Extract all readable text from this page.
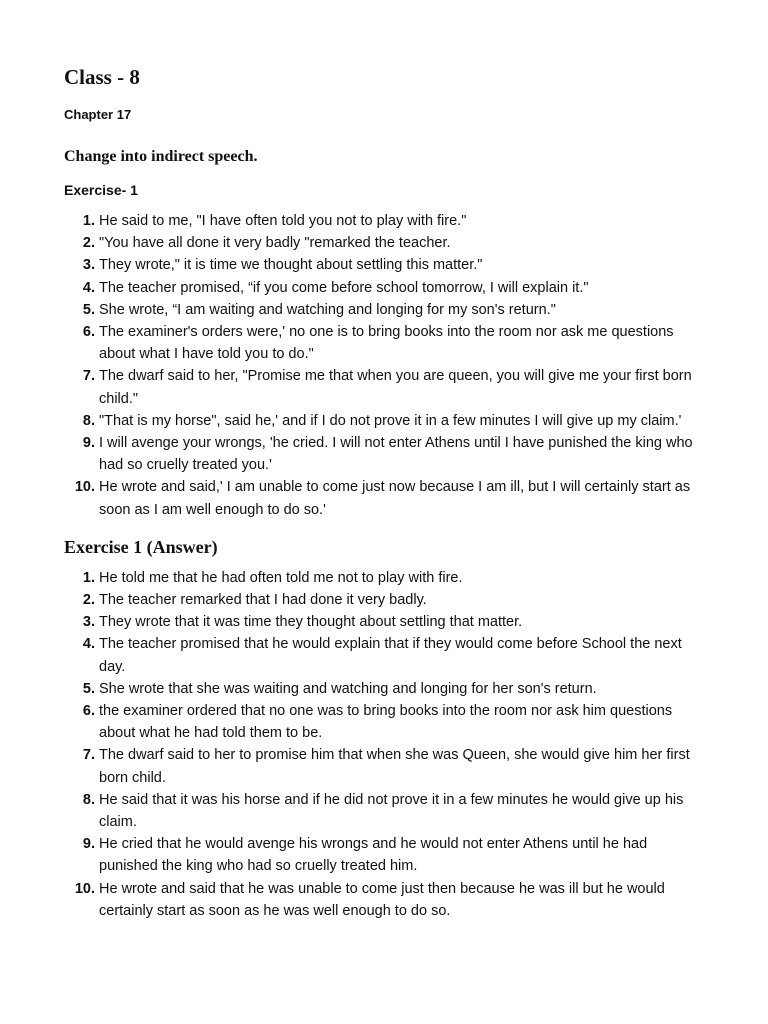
Class - 8
Chapter 17
Change into indirect speech.
Exercise- 1
1. He said to me, "I have often told you not to play with fire."
2. "You have all done it very badly "remarked the teacher.
3. They wrote," it is time we thought about settling this matter."
4. The teacher promised, “if you come before school tomorrow, I will explain it."
5. She wrote, “I am waiting and watching and longing for my son's return."
6. The examiner's orders were,' no one is to bring books into the room nor ask me questions about what I have told you to do."
7. The dwarf said to her, "Promise me that when you are queen, you will give me your first born child."
8. "That is my horse", said he,' and if I do not prove it in a few minutes I will give up my claim.'
9. I will avenge your wrongs, 'he cried. I will not enter Athens until I have punished the king who had so cruelly treated you.'
10. He wrote and said,' I am unable to come just now because I am ill, but I will certainly start as soon as I am well enough to do so.'
Exercise 1 (Answer)
1. He told me that he had often told me not to play with fire.
2. The teacher remarked that I had done it very badly.
3. They wrote that it was time they thought about settling that matter.
4. The teacher promised that he would explain that if they would come before School the next day.
5. She wrote that she was waiting and watching and longing for her son's return.
6. the examiner ordered that no one was to bring books into the room nor ask him questions about what he had told them to be.
7. The dwarf said to her to promise him that when she was Queen, she would give him her first born child.
8. He said that it was his horse and if he did not prove it in a few minutes he would give up his claim.
9. He cried that he would avenge his wrongs and he would not enter Athens until he had punished the king who had so cruelly treated him.
10. He wrote and said that he was unable to come just then because he was ill but he would certainly start as soon as he was well enough to do so.
